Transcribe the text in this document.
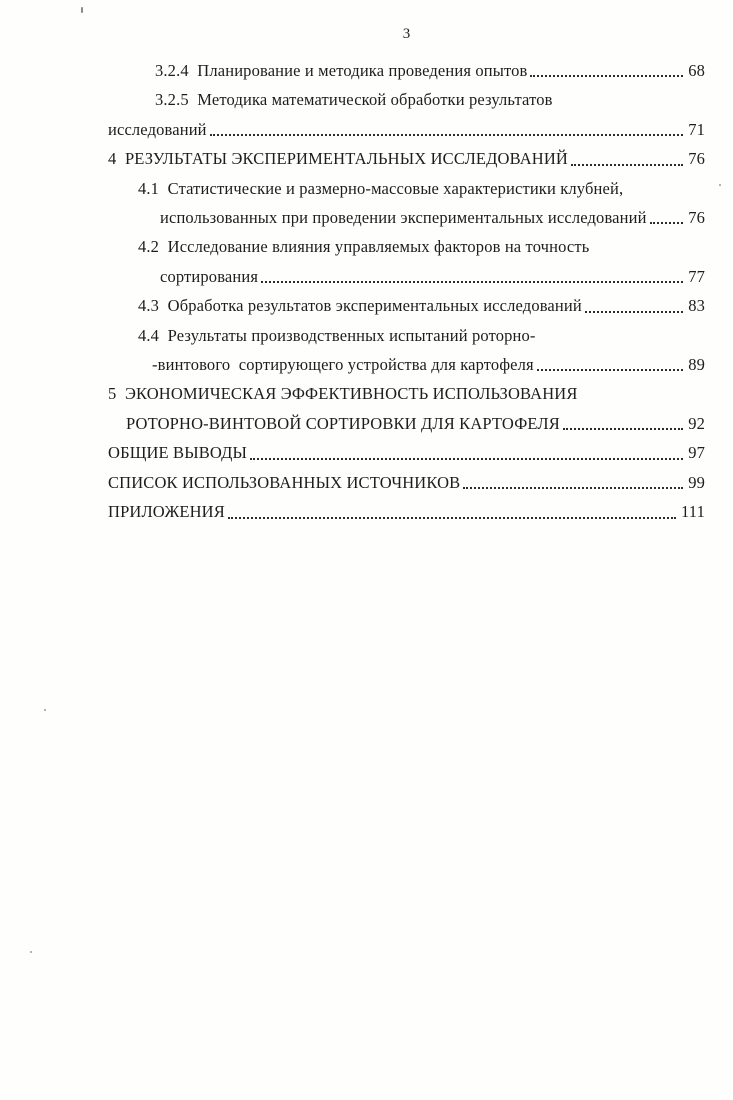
3
3.2.4  Планирование и методика проведения опытов	68
3.2.5  Методика математической обработки результатов
исследований	71
4  РЕЗУЛЬТАТЫ ЭКСПЕРИМЕНТАЛЬНЫХ ИССЛЕДОВАНИЙ	76
4.1  Статистические и размерно-массовые характеристики клубней,
использованных при проведении экспериментальных исследований	76
4.2  Исследование влияния управляемых факторов на точность
сортирования	77
4.3  Обработка результатов экспериментальных исследований	83
4.4  Результаты производственных испытаний роторно-
-винтового  сортирующего устройства для картофеля	89
5  ЭКОНОМИЧЕСКАЯ ЭФФЕКТИВНОСТЬ ИСПОЛЬЗОВАНИЯ
РОТОРНО-ВИНТОВОЙ СОРТИРОВКИ ДЛЯ КАРТОФЕЛЯ	92
ОБЩИЕ ВЫВОДЫ	97
СПИСОК ИСПОЛЬЗОВАННЫХ ИСТОЧНИКОВ	99
ПРИЛОЖЕНИЯ	111
